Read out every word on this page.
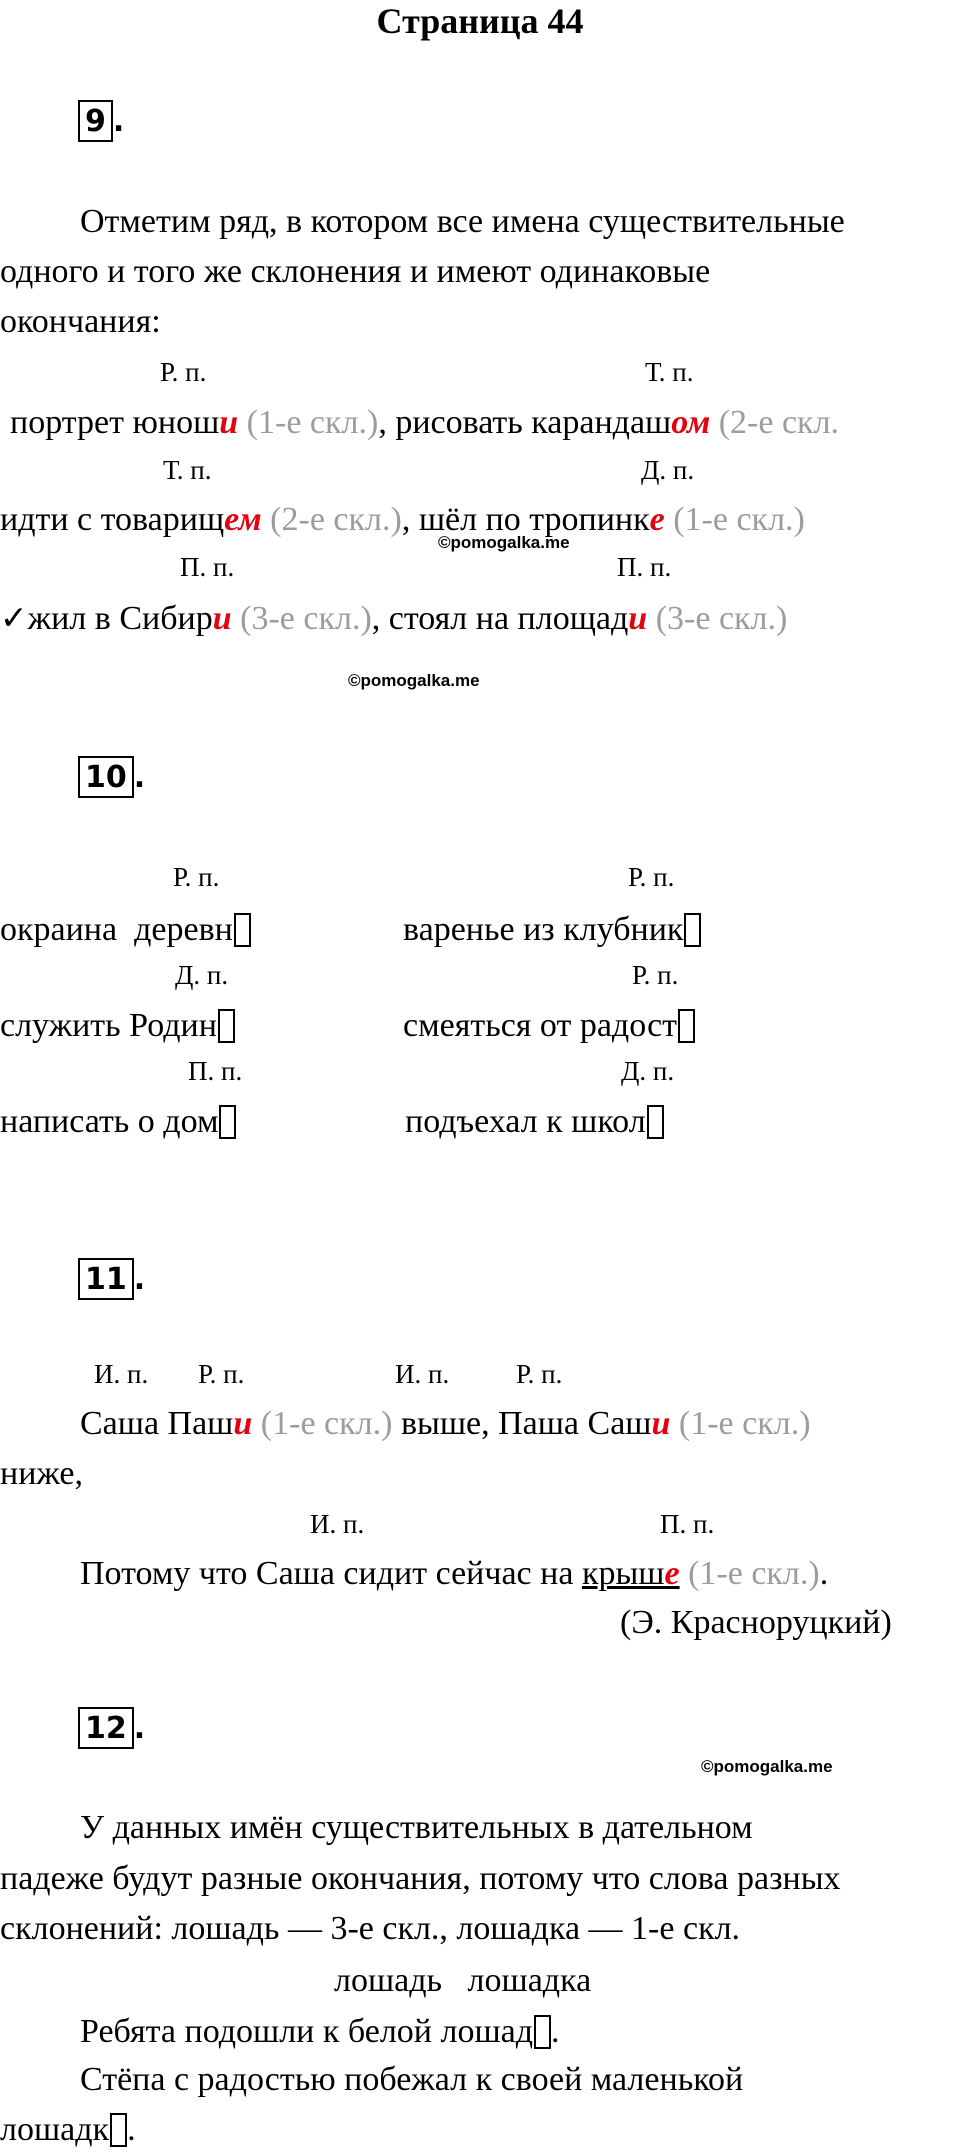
Страница 44
9 .
Отметим ряд, в котором все имена существительные
одного и того же склонения и имеют одинаковые
окончания:
Р. п.	Т. п.
портрет юноши (1-е скл.), рисовать карандашом (2-е скл.
Т. п.	Д. п.
идти с товарищем (2-е скл.), шёл по тропинке (1-е скл.)
©pomogalka.me
П. п.	П. п.
✓жил в Сибири (3-е скл.), стоял на площади (3-е скл.)
©pomogalka.me
10 .
Р. п.	Р. п.
окраина  деревн	варенье из клубник
Д. п.	Р. п.
служить Родин	смеяться от радост
П. п.	Д. п.
написать о дом	подъехал к школ
11 .
И. п. Р. п.	И. п. Р. п.
Саша Паши (1-е скл.) выше, Паша Саши (1-е скл.)
ниже,
И. п.	П. п.
Потому что Саша сидит сейчас на крыше (1-е скл.).
(Э. Красноруцкий)
12 .
©pomogalka.me
У данных имён существительных в дательном
падеже будут разные окончания, потому что слова разных
склонений: лошадь — 3-е скл., лошадка — 1-е скл.
лошадь   лошадка
Ребята подошли к белой лошад .
Стёпа с радостью побежал к своей маленькой
лошадк .
